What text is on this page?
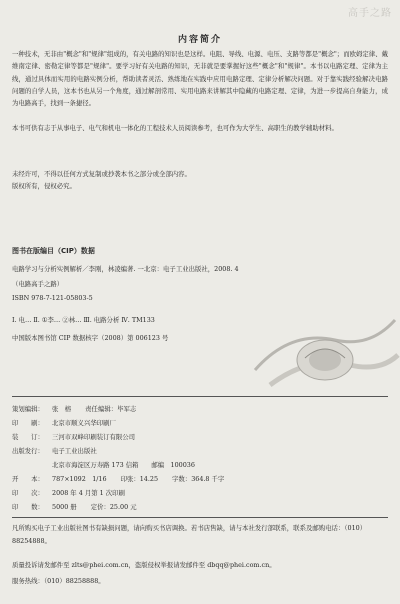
高手之路
内容简介
一种技术，无非由"概念"和"规律"组成的，有关电路的知识也是这样。电阻、导线、电源、电压、支路等都是"概念"；而欧姆定律、戴维南定律、密勒定律等都是"规律"。要学习好有关电路的知识，无非就是要掌握好这些"概念"和"规律"。本书以电路定理、定律为主线，通过具体而实用的电路实例分析，帮助读者灵活、熟练地在实践中应用电路定理、定律分析解决问题。对于靠实践经验解决电路问题的自学人员，这本书也从另一个角度，通过解剖常用、实用电路来讲解其中隐藏的电路定理、定律，为进一步提高自身能力，成为电路高手，找到一条捷径。
本书可供有志于从事电子、电气和机电一体化的工程技术人员阅读参考，也可作为大学生、高职生的教学辅助材料。
未经许可，不得以任何方式复制或抄袭本书之部分或全部内容。
版权所有，侵权必究。
图书在版编目（CIP）数据
电路学习与分析实例解析／李刚，林凌编著. 一北京：电子工业出版社，2008. 4
（电路高手之路）
ISBN 978-7-121-05803-5
Ⅰ. 电… Ⅱ. ①李… ②林… Ⅲ. 电路分析 Ⅳ. TM133
中国版本图书馆 CIP 数据核字（2008）第 006123 号
策划编辑： 张　榕 责任编辑：毕军志
印　　刷： 北京市顺义兴华印刷厂
装　　订： 三河市双峰印刷装订有限公司
出版发行： 电子工业出版社
北京市海淀区万寿路 173 信箱　　邮编　100036
开　　本： 787×1092　1/16 印张：14.25 字数：364.8 千字
印　　次： 2008 年 4 月第 1 次印刷
印　　数： 5000 册 定价：25.00 元
凡所购买电子工业出版社图书有缺损问题，请向购买书店调换。若书店售缺，请与本社发行部联系，联系及邮购电话：（010）88254888。
质量投诉请发邮件至 zlts@phei.com.cn，盗版侵权举报请发邮件至 dbqq@phei.com.cn。
服务热线：（010）88258888。
